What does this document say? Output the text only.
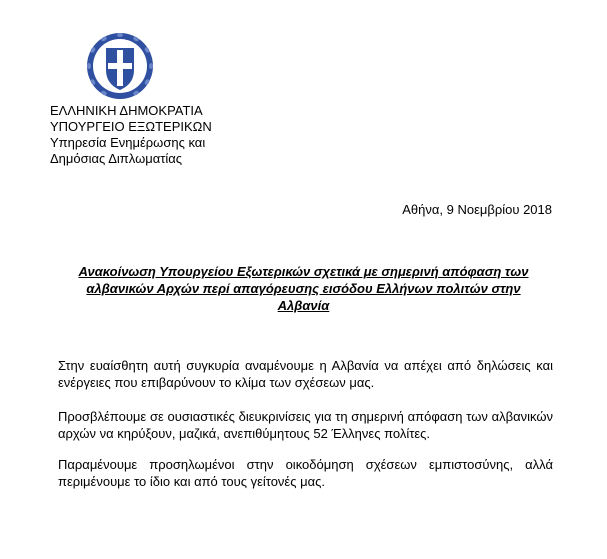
ΕΛΛΗΝΙΚΗ ΔΗΜΟΚΡΑΤΙΑ
ΥΠΟΥΡΓΕΙΟ ΕΞΩΤΕΡΙΚΩΝ
Υπηρεσία Ενημέρωσης και
Δημόσιας Διπλωματίας
Αθήνα, 9 Νοεμβρίου 2018
Ανακοίνωση Υπουργείου Εξωτερικών σχετικά με σημερινή απόφαση των
αλβανικών Αρχών περί απαγόρευσης εισόδου Ελλήνων πολιτών στην
Αλβανία
Στην ευαίσθητη αυτή συγκυρία αναμένουμε η Αλβανία να απέχει από δηλώσεις και
ενέργειες που επιβαρύνουν το κλίμα των σχέσεων μας.
Προσβλέπουμε σε ουσιαστικές διευκρινίσεις για τη σημερινή απόφαση των αλβανικών
αρχών να κηρύξουν, μαζικά, ανεπιθύμητους 52 Έλληνες πολίτες.
Παραμένουμε προσηλωμένοι στην οικοδόμηση σχέσεων εμπιστοσύνης, αλλά
περιμένουμε το ίδιο και από τους γείτονές μας.
